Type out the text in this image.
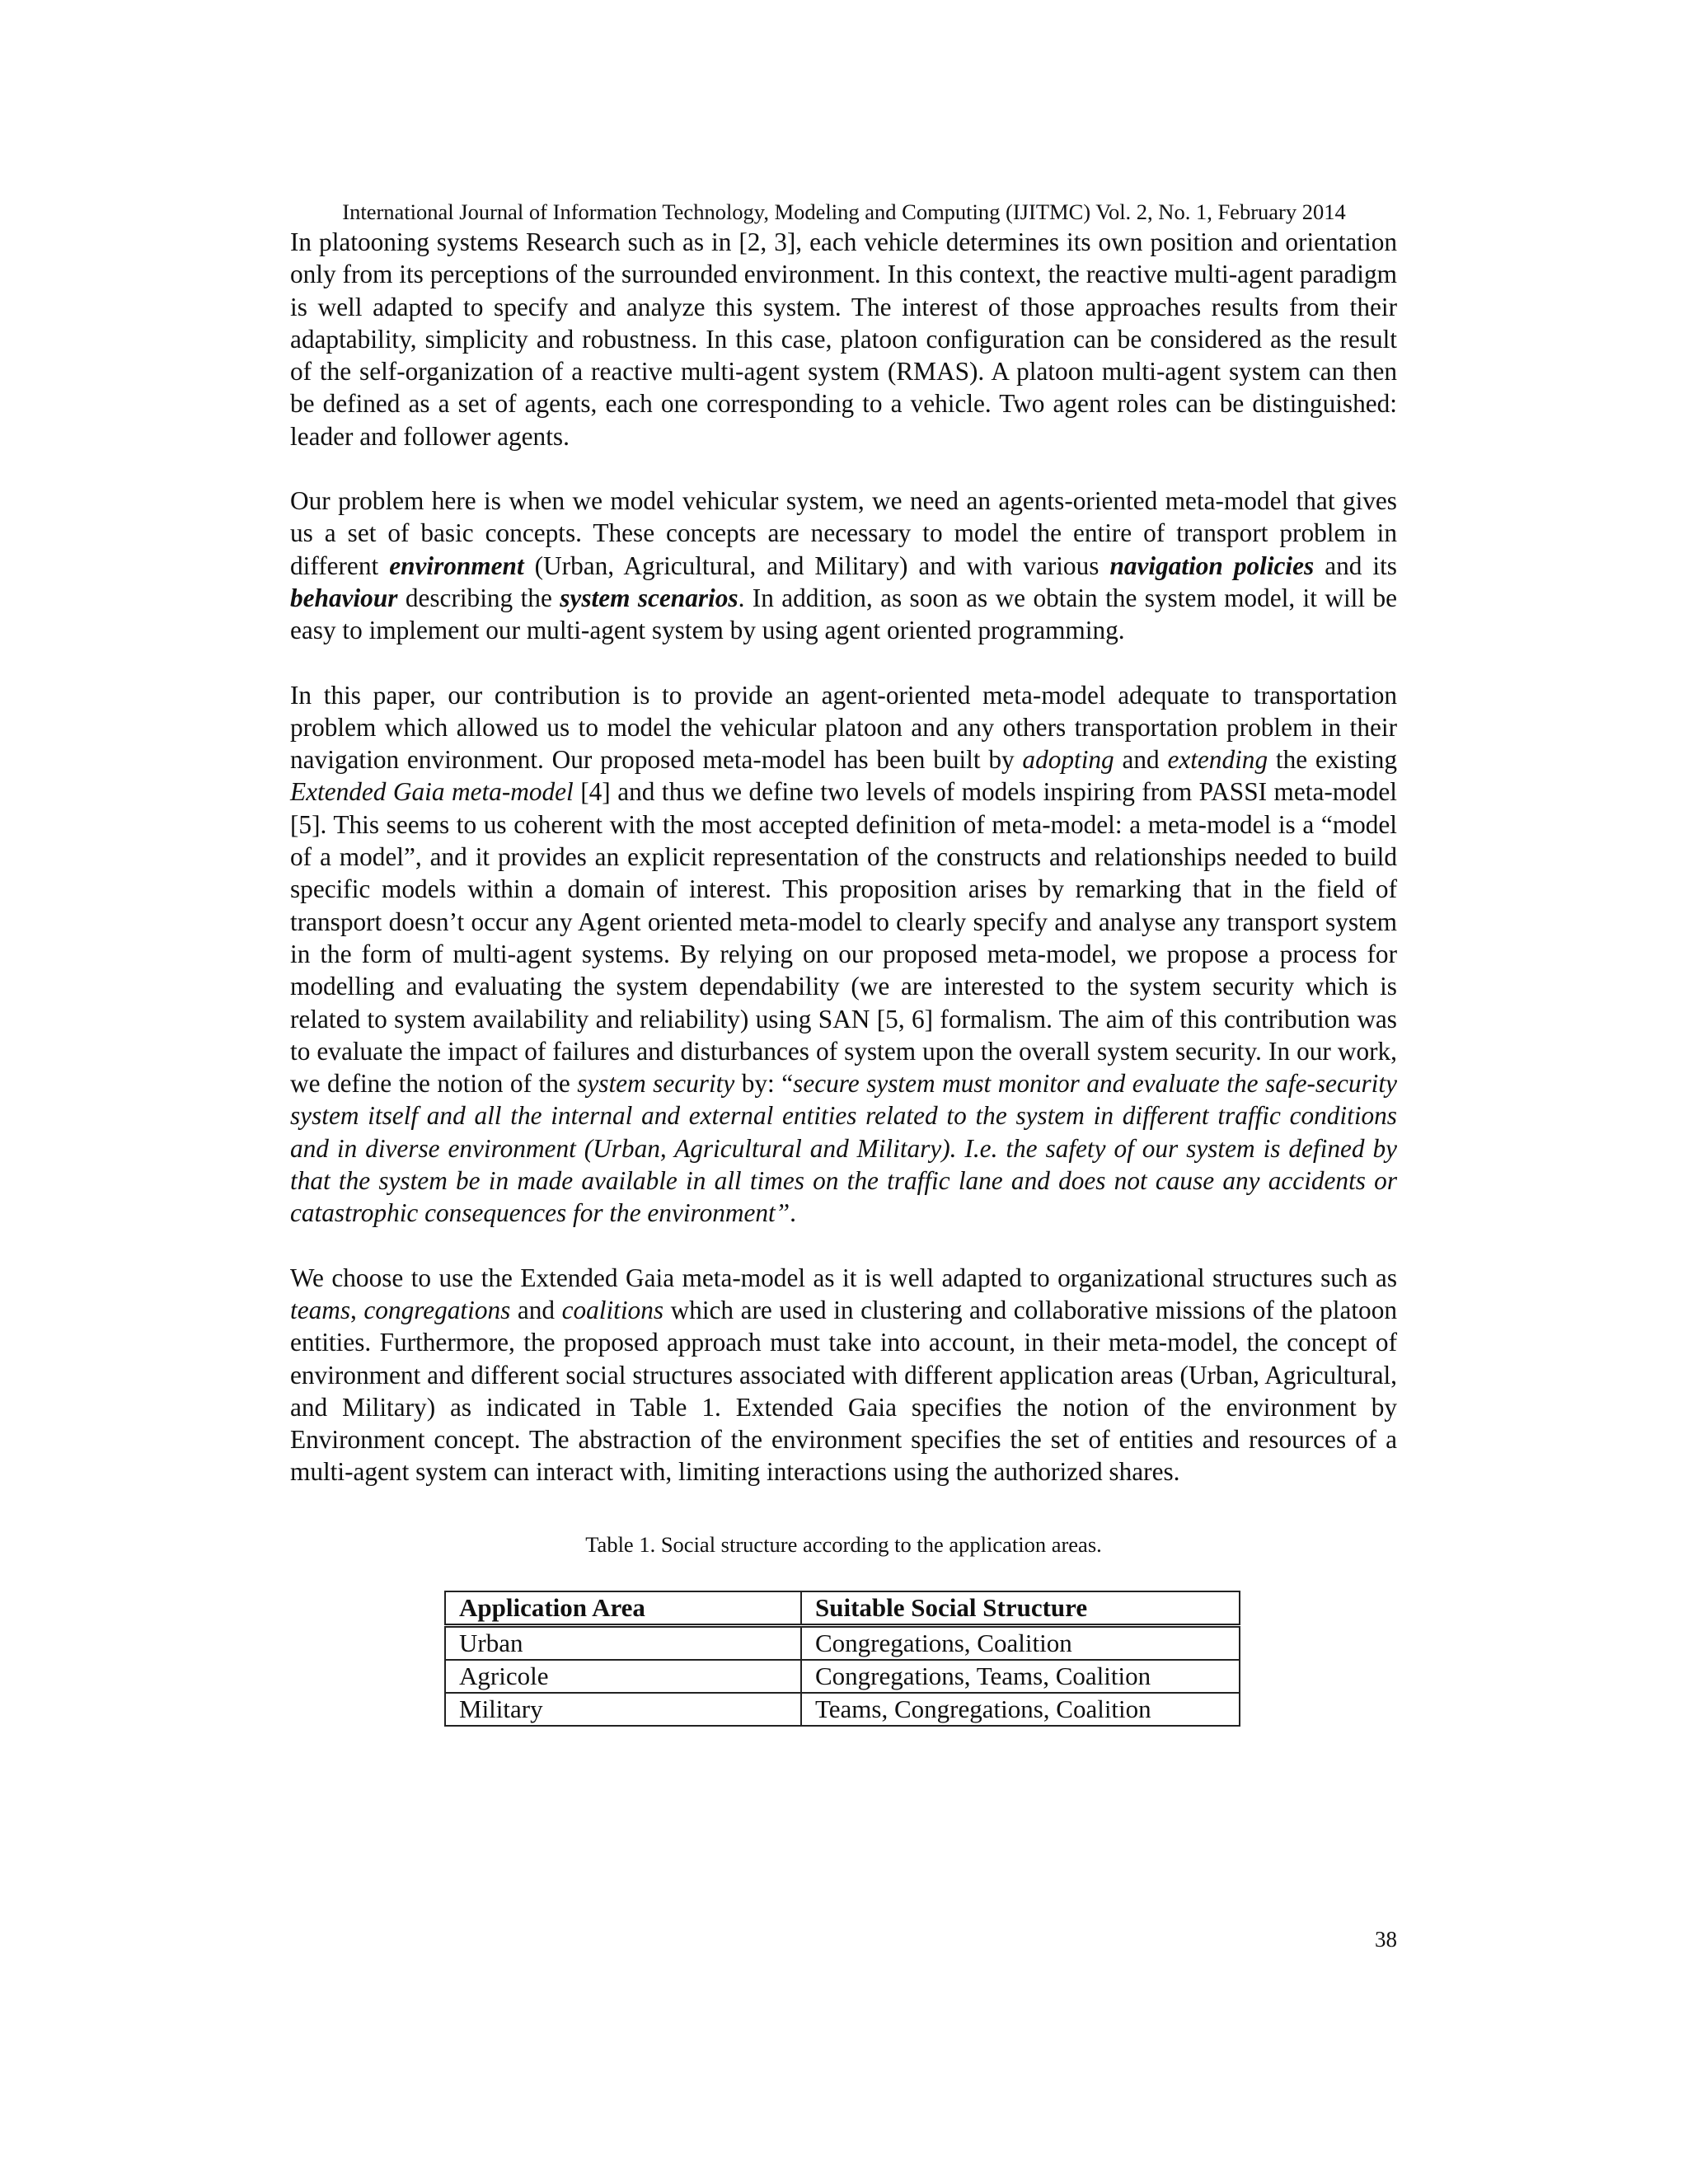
International Journal of Information Technology, Modeling and Computing (IJITMC) Vol. 2, No. 1, February 2014

In platooning systems Research such as in [2, 3], each vehicle determines its own position and orientation only from its perceptions of the surrounded environment. In this context, the reactive multi-agent paradigm is well adapted to specify and analyze this system. The interest of those approaches results from their adaptability, simplicity and robustness. In this case, platoon configuration can be considered as the result of the self-organization of a reactive multi-agent system (RMAS). A platoon multi-agent system can then be defined as a set of agents, each one corresponding to a vehicle. Two agent roles can be distinguished: leader and follower agents.

Our problem here is when we model vehicular system, we need an agents-oriented meta-model that gives us a set of basic concepts. These concepts are necessary to model the entire of transport problem in different environment (Urban, Agricultural, and Military) and with various navigation policies and its behaviour describing the system scenarios. In addition, as soon as we obtain the system model, it will be easy to implement our multi-agent system by using agent oriented programming.

In this paper, our contribution is to provide an agent-oriented meta-model adequate to transportation problem which allowed us to model the vehicular platoon and any others transportation problem in their navigation environment. Our proposed meta-model has been built by adopting and extending the existing Extended Gaia meta-model [4] and thus we define two levels of models inspiring from PASSI meta-model [5]. This seems to us coherent with the most accepted definition of meta-model: a meta-model is a “model of a model”, and it provides an explicit representation of the constructs and relationships needed to build specific models within a domain of interest. This proposition arises by remarking that in the field of transport doesn’t occur any Agent oriented meta-model to clearly specify and analyse any transport system in the form of multi-agent systems. By relying on our proposed meta-model, we propose a process for modelling and evaluating the system dependability (we are interested to the system security which is related to system availability and reliability) using SAN [5, 6] formalism. The aim of this contribution was to evaluate the impact of failures and disturbances of system upon the overall system security. In our work, we define the notion of the system security by: “secure system must monitor and evaluate the safe-security system itself and all the internal and external entities related to the system in different traffic conditions and in diverse environment (Urban, Agricultural and Military). I.e. the safety of our system is defined by that the system be in made available in all times on the traffic lane and does not cause any accidents or catastrophic consequences for the environment”.

We choose to use the Extended Gaia meta-model as it is well adapted to organizational structures such as teams, congregations and coalitions which are used in clustering and collaborative missions of the platoon entities. Furthermore, the proposed approach must take into account, in their meta-model, the concept of environment and different social structures associated with different application areas (Urban, Agricultural, and Military) as indicated in Table 1. Extended Gaia specifies the notion of the environment by Environment concept. The abstraction of the environment specifies the set of entities and resources of a multi-agent system can interact with, limiting interactions using the authorized shares.

Table 1. Social structure according to the application areas.

Application Area	Suitable Social Structure
Urban	Congregations, Coalition
Agricole	Congregations, Teams, Coalition
Military	Teams, Congregations, Coalition
38
